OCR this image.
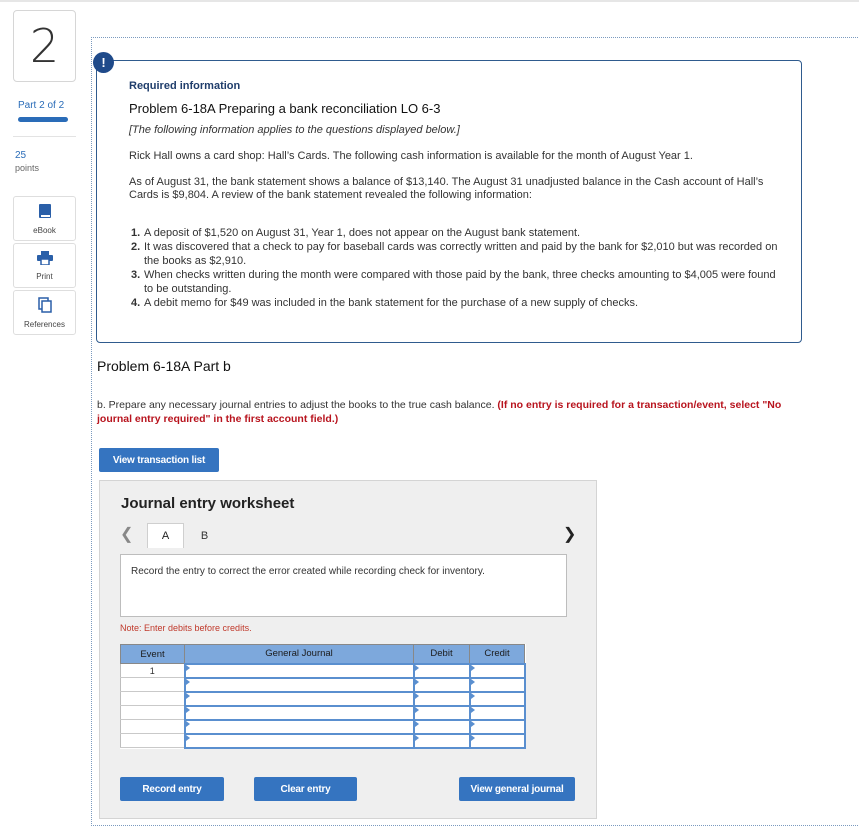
2
Part 2 of 2
25
points
eBook
Print
References
!
Required information
Problem 6-18A Preparing a bank reconciliation LO 6-3
[The following information applies to the questions displayed below.]
Rick Hall owns a card shop: Hall’s Cards. The following cash information is available for the month of August Year 1.
As of August 31, the bank statement shows a balance of $13,140. The August 31 unadjusted balance in the Cash account of Hall’s Cards is $9,804. A review of the bank statement revealed the following information:
1. A deposit of $1,520 on August 31, Year 1, does not appear on the August bank statement.
2. It was discovered that a check to pay for baseball cards was correctly written and paid by the bank for $2,010 but was recorded on the books as $2,910.
3. When checks written during the month were compared with those paid by the bank, three checks amounting to $4,005 were found to be outstanding.
4. A debit memo for $49 was included in the bank statement for the purchase of a new supply of checks.
Problem 6-18A Part b
b. Prepare any necessary journal entries to adjust the books to the true cash balance. (If no entry is required for a transaction/event, select "No journal entry required" in the first account field.)
View transaction list
Journal entry worksheet
❮	A	B	❯
Record the entry to correct the error created while recording check for inventory.
Note: Enter debits before credits.
Event	General Journal	Debit	Credit
1			

Record entry	Clear entry	View general journal
